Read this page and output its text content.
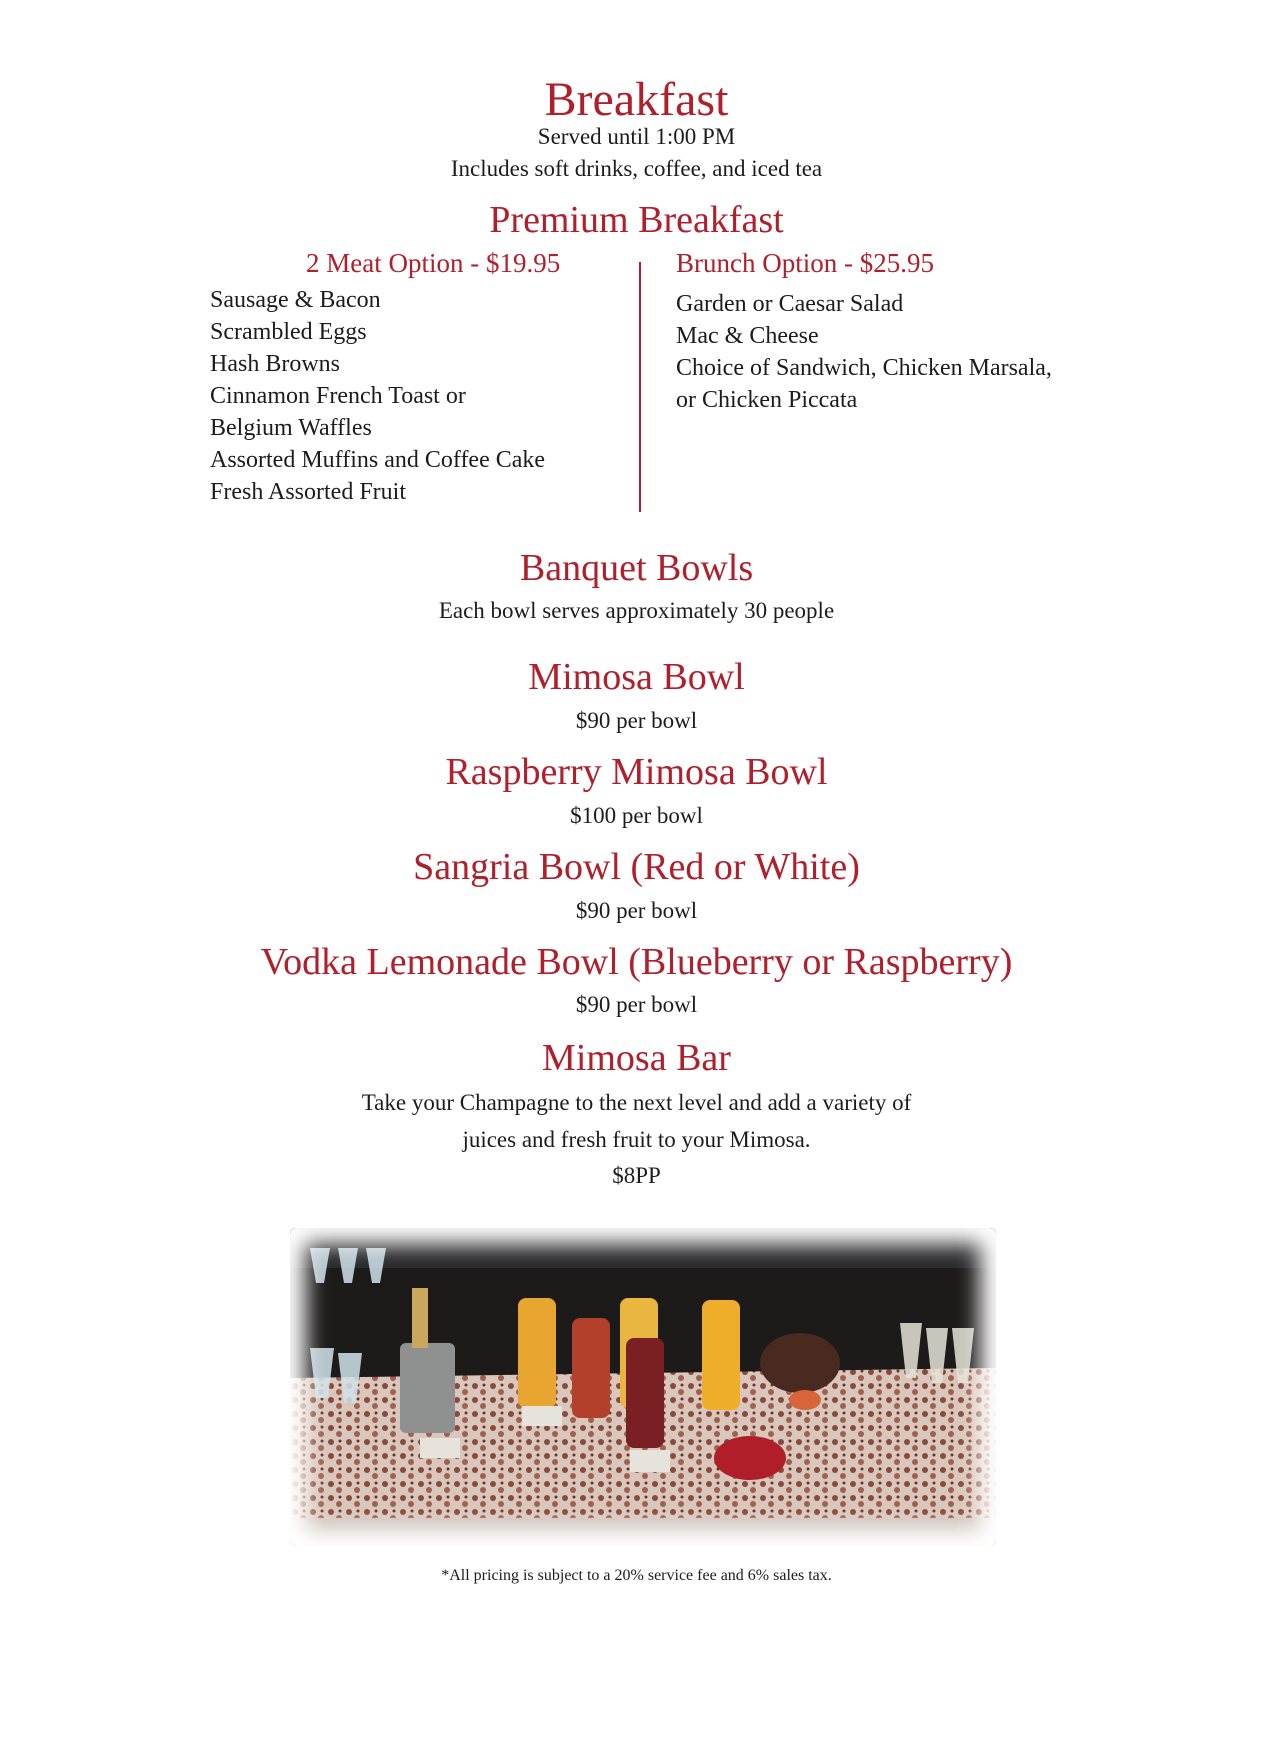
Breakfast
Served until 1:00 PM
Includes soft drinks, coffee, and iced tea
Premium Breakfast
2 Meat Option - $19.95
Sausage & Bacon
Scrambled Eggs
Hash Browns
Cinnamon French Toast or
Belgium Waffles
Assorted Muffins and Coffee Cake
Fresh Assorted Fruit
Brunch Option - $25.95
Garden or Caesar Salad
Mac & Cheese
Choice of Sandwich, Chicken Marsala,
or Chicken Piccata
Banquet Bowls
Each bowl serves approximately 30 people
Mimosa Bowl
$90 per bowl
Raspberry Mimosa Bowl
$100 per bowl
Sangria Bowl (Red or White)
$90 per bowl
Vodka Lemonade Bowl (Blueberry or Raspberry)
$90 per bowl
Mimosa Bar
Take your Champagne to the next level and add a variety of
juices and fresh fruit to your Mimosa.
$8PP
*All pricing is subject to a 20% service fee and 6% sales tax.
